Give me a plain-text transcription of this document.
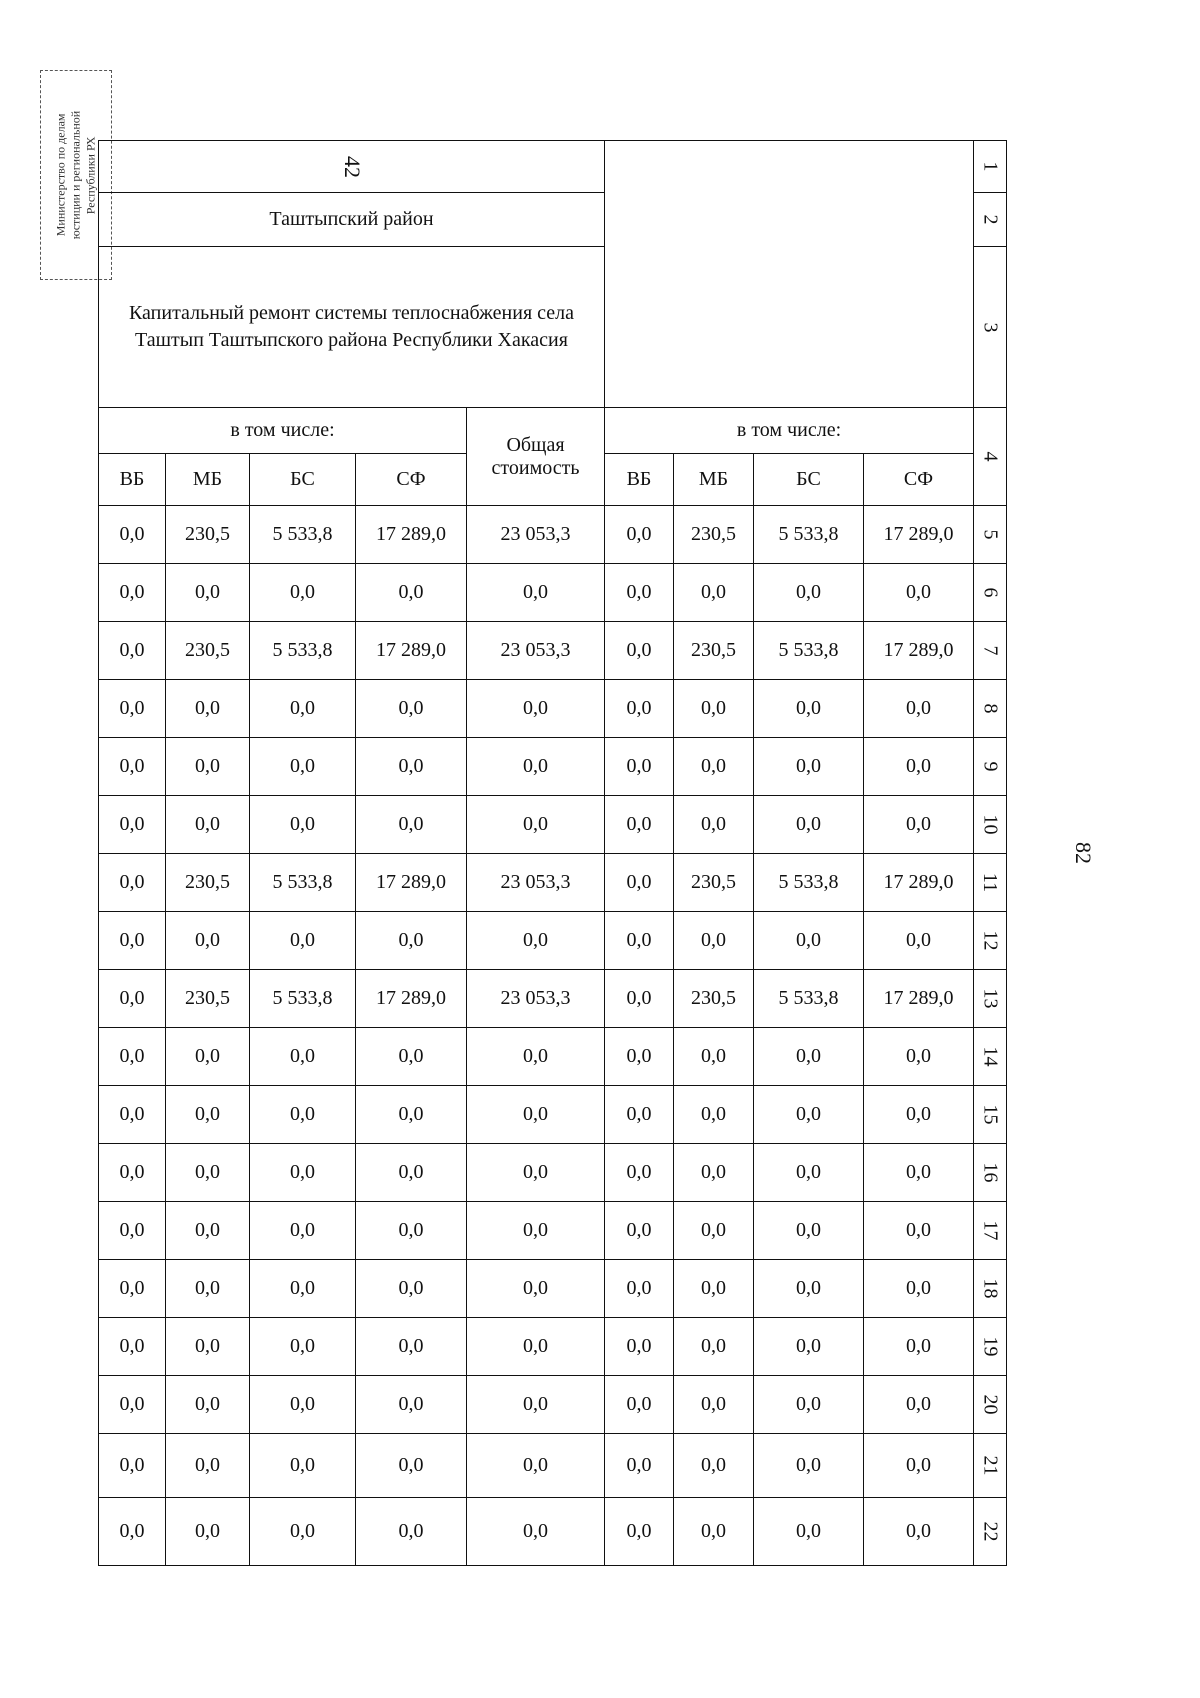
Министерство по делам
юстиции и региональной
Республики РХ
82
42									1
Таштыпский район									2
Капитальный ремонт системы теплоснабжения села Таштып Таштыпского района Республики Хакасия									3
в том числе:				Общая стоимость	в том числе:				4
ВБ	МБ	БС	СФ		ВБ	МБ	БС	СФ	
0,0	230,5	5 533,8	17 289,0	23 053,3	0,0	230,5	5 533,8	17 289,0	5
0,0	0,0	0,0	0,0	0,0	0,0	0,0	0,0	0,0	6
0,0	230,5	5 533,8	17 289,0	23 053,3	0,0	230,5	5 533,8	17 289,0	7
0,0	0,0	0,0	0,0	0,0	0,0	0,0	0,0	0,0	8
0,0	0,0	0,0	0,0	0,0	0,0	0,0	0,0	0,0	9
0,0	0,0	0,0	0,0	0,0	0,0	0,0	0,0	0,0	10
0,0	230,5	5 533,8	17 289,0	23 053,3	0,0	230,5	5 533,8	17 289,0	11
0,0	0,0	0,0	0,0	0,0	0,0	0,0	0,0	0,0	12
0,0	230,5	5 533,8	17 289,0	23 053,3	0,0	230,5	5 533,8	17 289,0	13
0,0	0,0	0,0	0,0	0,0	0,0	0,0	0,0	0,0	14
0,0	0,0	0,0	0,0	0,0	0,0	0,0	0,0	0,0	15
0,0	0,0	0,0	0,0	0,0	0,0	0,0	0,0	0,0	16
0,0	0,0	0,0	0,0	0,0	0,0	0,0	0,0	0,0	17
0,0	0,0	0,0	0,0	0,0	0,0	0,0	0,0	0,0	18
0,0	0,0	0,0	0,0	0,0	0,0	0,0	0,0	0,0	19
0,0	0,0	0,0	0,0	0,0	0,0	0,0	0,0	0,0	20
0,0	0,0	0,0	0,0	0,0	0,0	0,0	0,0	0,0	21
0,0	0,0	0,0	0,0	0,0	0,0	0,0	0,0	0,0	22
